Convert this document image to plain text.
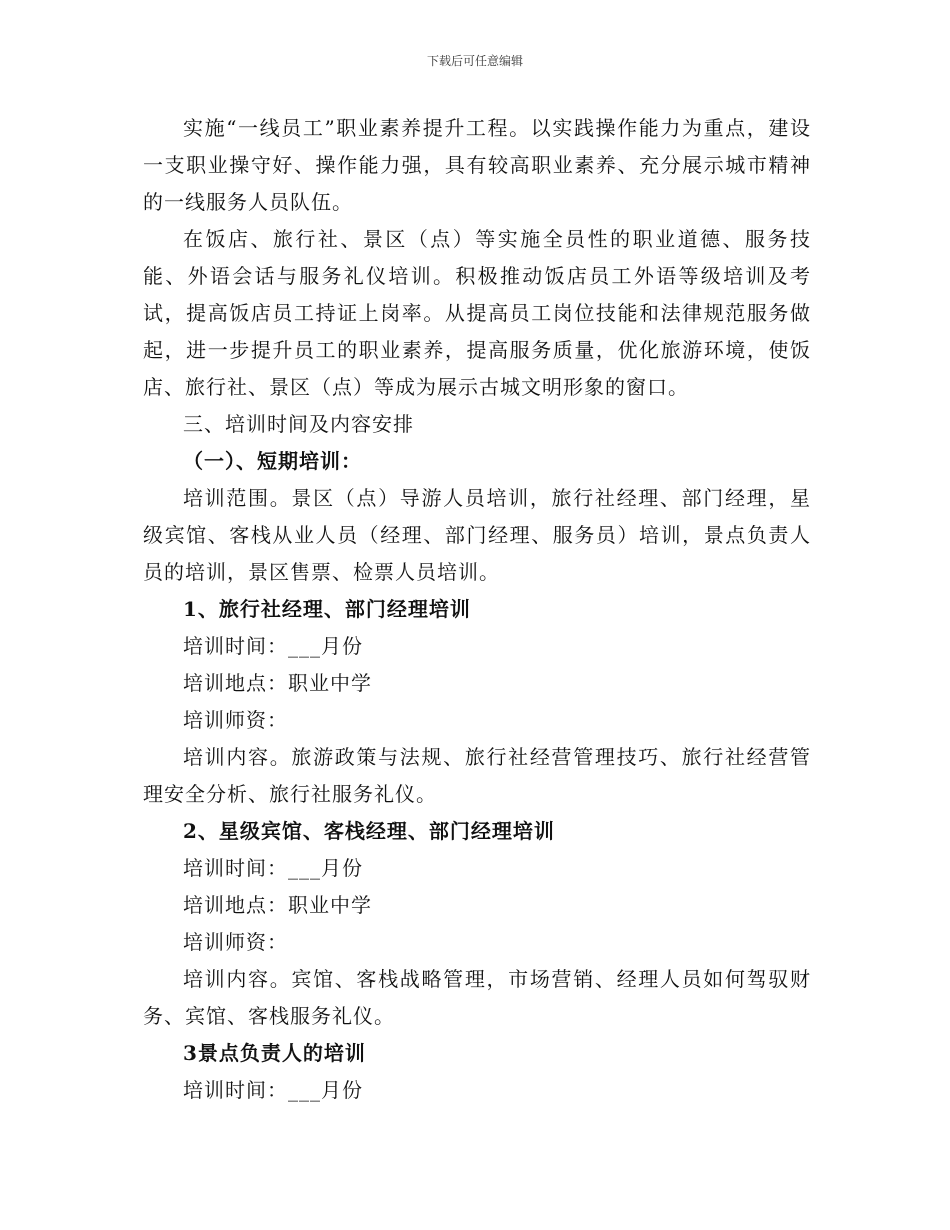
下载后可任意编辑

实施“一线员工”职业素养提升工程。以实践操作能力为重点，建设一支职业操守好、操作能力强，具有较高职业素养、充分展示城市精神的一线服务人员队伍。

在饭店、旅行社、景区（点）等实施全员性的职业道德、服务技能、外语会话与服务礼仪培训。积极推动饭店员工外语等级培训及考试，提高饭店员工持证上岗率。从提高员工岗位技能和法律规范服务做起，进一步提升员工的职业素养，提高服务质量，优化旅游环境，使饭店、旅行社、景区（点）等成为展示古城文明形象的窗口。

三、培训时间及内容安排

（一）、短期培训：

培训范围。景区（点）导游人员培训，旅行社经理、部门经理，星级宾馆、客栈从业人员（经理、部门经理、服务员）培训，景点负责人员的培训，景区售票、检票人员培训。

1、旅行社经理、部门经理培训

培训时间：___月份

培训地点：职业中学

培训师资：

培训内容。旅游政策与法规、旅行社经营管理技巧、旅行社经营管理安全分析、旅行社服务礼仪。

2、星级宾馆、客栈经理、部门经理培训

培训时间：___月份

培训地点：职业中学

培训师资：

培训内容。宾馆、客栈战略管理，市场营销、经理人员如何驾驭财务、宾馆、客栈服务礼仪。

3景点负责人的培训

培训时间：___月份
